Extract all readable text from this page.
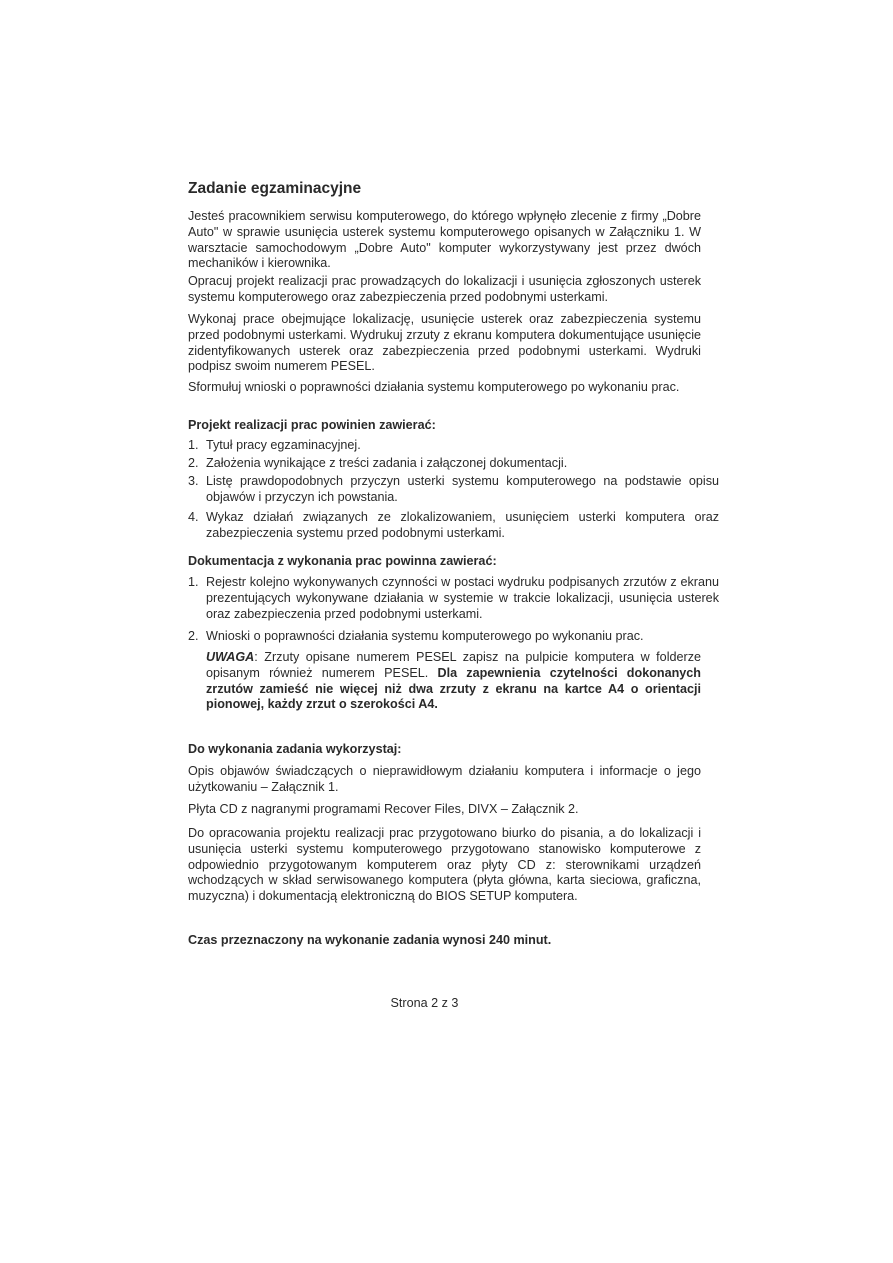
Zadanie egzaminacyjne

Jesteś pracownikiem serwisu komputerowego, do którego wpłynęło zlecenie z firmy „Dobre Auto" w sprawie usunięcia usterek systemu komputerowego opisanych w Załączniku 1. W warsztacie samochodowym „Dobre Auto" komputer wykorzystywany jest przez dwóch mechaników i kierownika.

Opracuj projekt realizacji prac prowadzących do lokalizacji i usunięcia zgłoszonych usterek systemu komputerowego oraz zabezpieczenia przed podobnymi usterkami.

Wykonaj prace obejmujące lokalizację, usunięcie usterek oraz zabezpieczenia systemu przed podobnymi usterkami. Wydrukuj zrzuty z ekranu komputera dokumentujące usunięcie zidentyfikowanych usterek oraz zabezpieczenia przed podobnymi usterkami. Wydruki podpisz swoim numerem PESEL.

Sformułuj wnioski o poprawności działania systemu komputerowego po wykonaniu prac.

Projekt realizacji prac powinien zawierać:
1. Tytuł pracy egzaminacyjnej.
2. Założenia wynikające z treści zadania i załączonej dokumentacji.
3. Listę prawdopodobnych przyczyn usterki systemu komputerowego na podstawie opisu objawów i przyczyn ich powstania.
4. Wykaz działań związanych ze zlokalizowaniem, usunięciem usterki komputera oraz zabezpieczenia systemu przed podobnymi usterkami.
Dokumentacja z wykonania prac powinna zawierać:
1. Rejestr kolejno wykonywanych czynności w postaci wydruku podpisanych zrzutów z ekranu prezentujących wykonywane działania w systemie w trakcie lokalizacji, usunięcia usterek oraz zabezpieczenia przed podobnymi usterkami.
2. Wnioski o poprawności działania systemu komputerowego po wykonaniu prac.

UWAGA: Zrzuty opisane numerem PESEL zapisz na pulpicie komputera w folderze opisanym również numerem PESEL. Dla zapewnienia czytelności dokonanych zrzutów zamieść nie więcej niż dwa zrzuty z ekranu na kartce A4 o orientacji pionowej, każdy zrzut o szerokości A4.

Do wykonania zadania wykorzystaj:

Opis objawów świadczących o nieprawidłowym działaniu komputera i informacje o jego użytkowaniu – Załącznik 1.

Płyta CD z nagranymi programami Recover Files, DIVX – Załącznik 2.

Do opracowania projektu realizacji prac przygotowano biurko do pisania, a do lokalizacji i usunięcia usterki systemu komputerowego przygotowano stanowisko komputerowe z odpowiednio przygotowanym komputerem oraz płyty CD z: sterownikami urządzeń wchodzących w skład serwisowanego komputera (płyta główna, karta sieciowa, graficzna, muzyczna) i dokumentacją elektroniczną do BIOS SETUP komputera.

Czas przeznaczony na wykonanie zadania wynosi 240 minut.
Strona 2 z 3
